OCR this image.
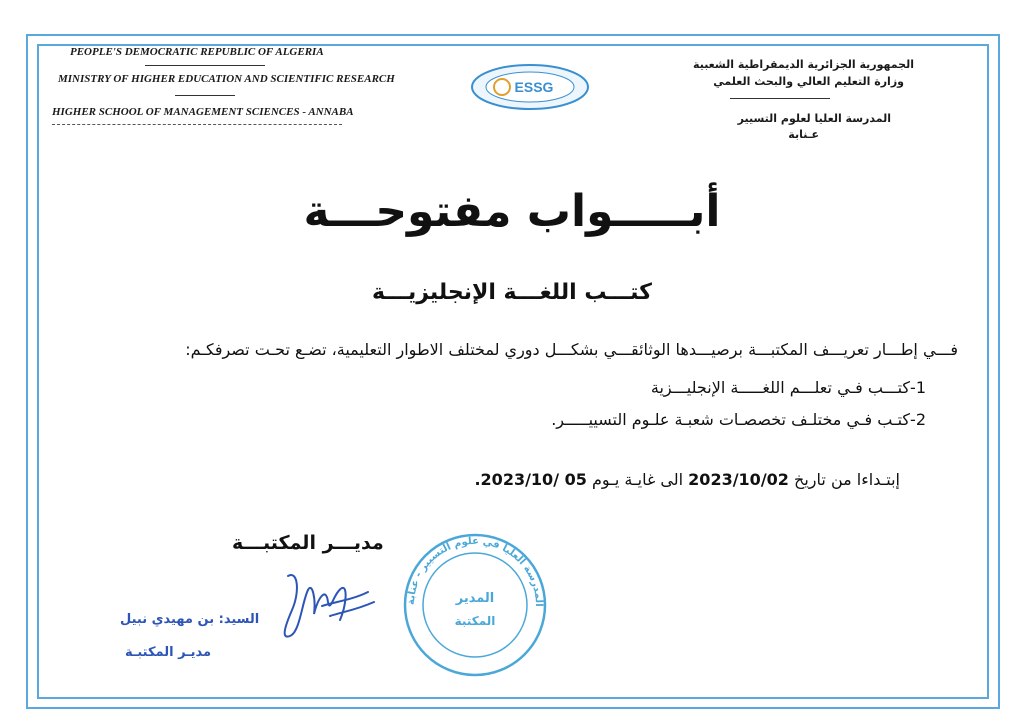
PEOPLE'S DEMOCRATIC REPUBLIC OF ALGERIA
MINISTRY OF HIGHER EDUCATION AND SCIENTIFIC RESEARCH
HIGHER SCHOOL OF MANAGEMENT SCIENCES - ANNABA
الجمهورية الجزائرية الديمقراطية الشعبية
وزارة التعليم العالي والبحث العلمي
المدرسة العليا لعلوم التسيير
عـنابة
ESSG
أبـــــواب مفتوحـــة
كتـــب اللغـــة الإنجليزيـــة
فـــي إطـــار تعريـــف المكتبـــة برصيـــدها الوثائقـــي بشكـــل دوري لمختلف الاطوار التعليمية، تضـع تحـت تصرفكـم:
1-كتـــب فـي تعلـــم اللغـــــة الإنجليـــزية
2-كتـب فـي مختلـف تخصصـات شعبـة علـوم التسييـــــر.
إبتـداءا من تاريخ 2023/10/02 الى غايـة يـوم 05 /2023/10.
مديـــر المكتبـــة
السيد: بن مهيدي نبيل
مديـر المكتبـة
المدرسة العليا في علوم التسيير - عنابة
المدير
المكتبة
